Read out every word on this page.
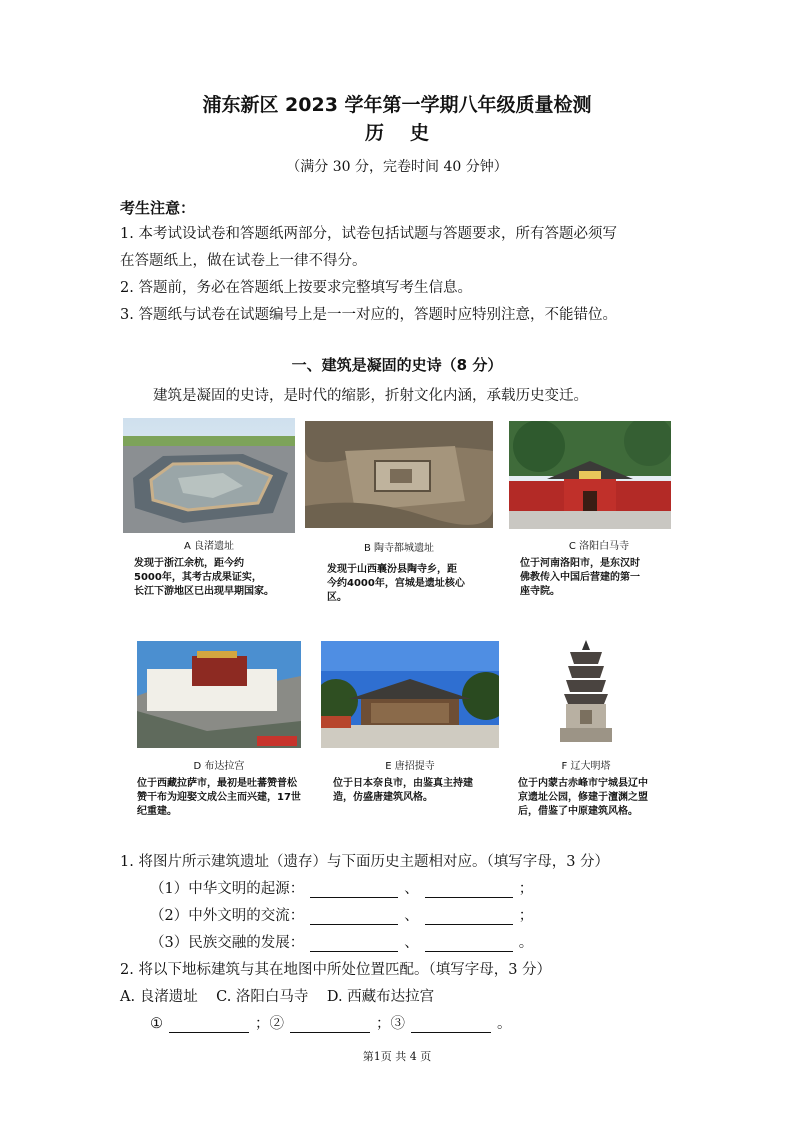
浦东新区 2023 学年第一学期八年级质量检测
历史
（满分 30 分，完卷时间 40 分钟）
考生注意：
1. 本考试设试卷和答题纸两部分，试卷包括试题与答题要求，所有答题必须写
在答题纸上，做在试卷上一律不得分。
2. 答题前，务必在答题纸上按要求完整填写考生信息。
3. 答题纸与试卷在试题编号上是一一对应的，答题时应特别注意，不能错位。
一、建筑是凝固的史诗（8 分）
建筑是凝固的史诗，是时代的缩影，折射文化内涵，承载历史变迁。
A 良渚遗址
发现于浙江余杭，距今约
5000年，其考古成果证实，
长江下游地区已出现早期国家。
B 陶寺都城遗址
发现于山西襄汾县陶寺乡，距
今约4000年，宫城是遗址核心
区。
C 洛阳白马寺
位于河南洛阳市，是东汉时
佛教传入中国后营建的第一
座寺院。
D 布达拉宫
位于西藏拉萨市，最初是吐蕃赞普松
赞干布为迎娶文成公主而兴建，17世
纪重建。
E 唐招提寺
位于日本奈良市，由鉴真主持建
造，仿盛唐建筑风格。
F 辽大明塔
位于内蒙古赤峰市宁城县辽中
京遗址公园，修建于澶渊之盟
后，借鉴了中原建筑风格。
1. 将图片所示建筑遗址（遗存）与下面历史主题相对应。（填写字母，3 分）
（1）中华文明的起源：	、	；
（2）中外文明的交流：	、	；
（3）民族交融的发展：	、	。
2. 将以下地标建筑与其在地图中所处位置匹配。（填写字母，3 分）
A. 良渚遗址    C. 洛阳白马寺    D. 西藏布达拉宫
①	；②	；③	。
第1页 共 4 页
